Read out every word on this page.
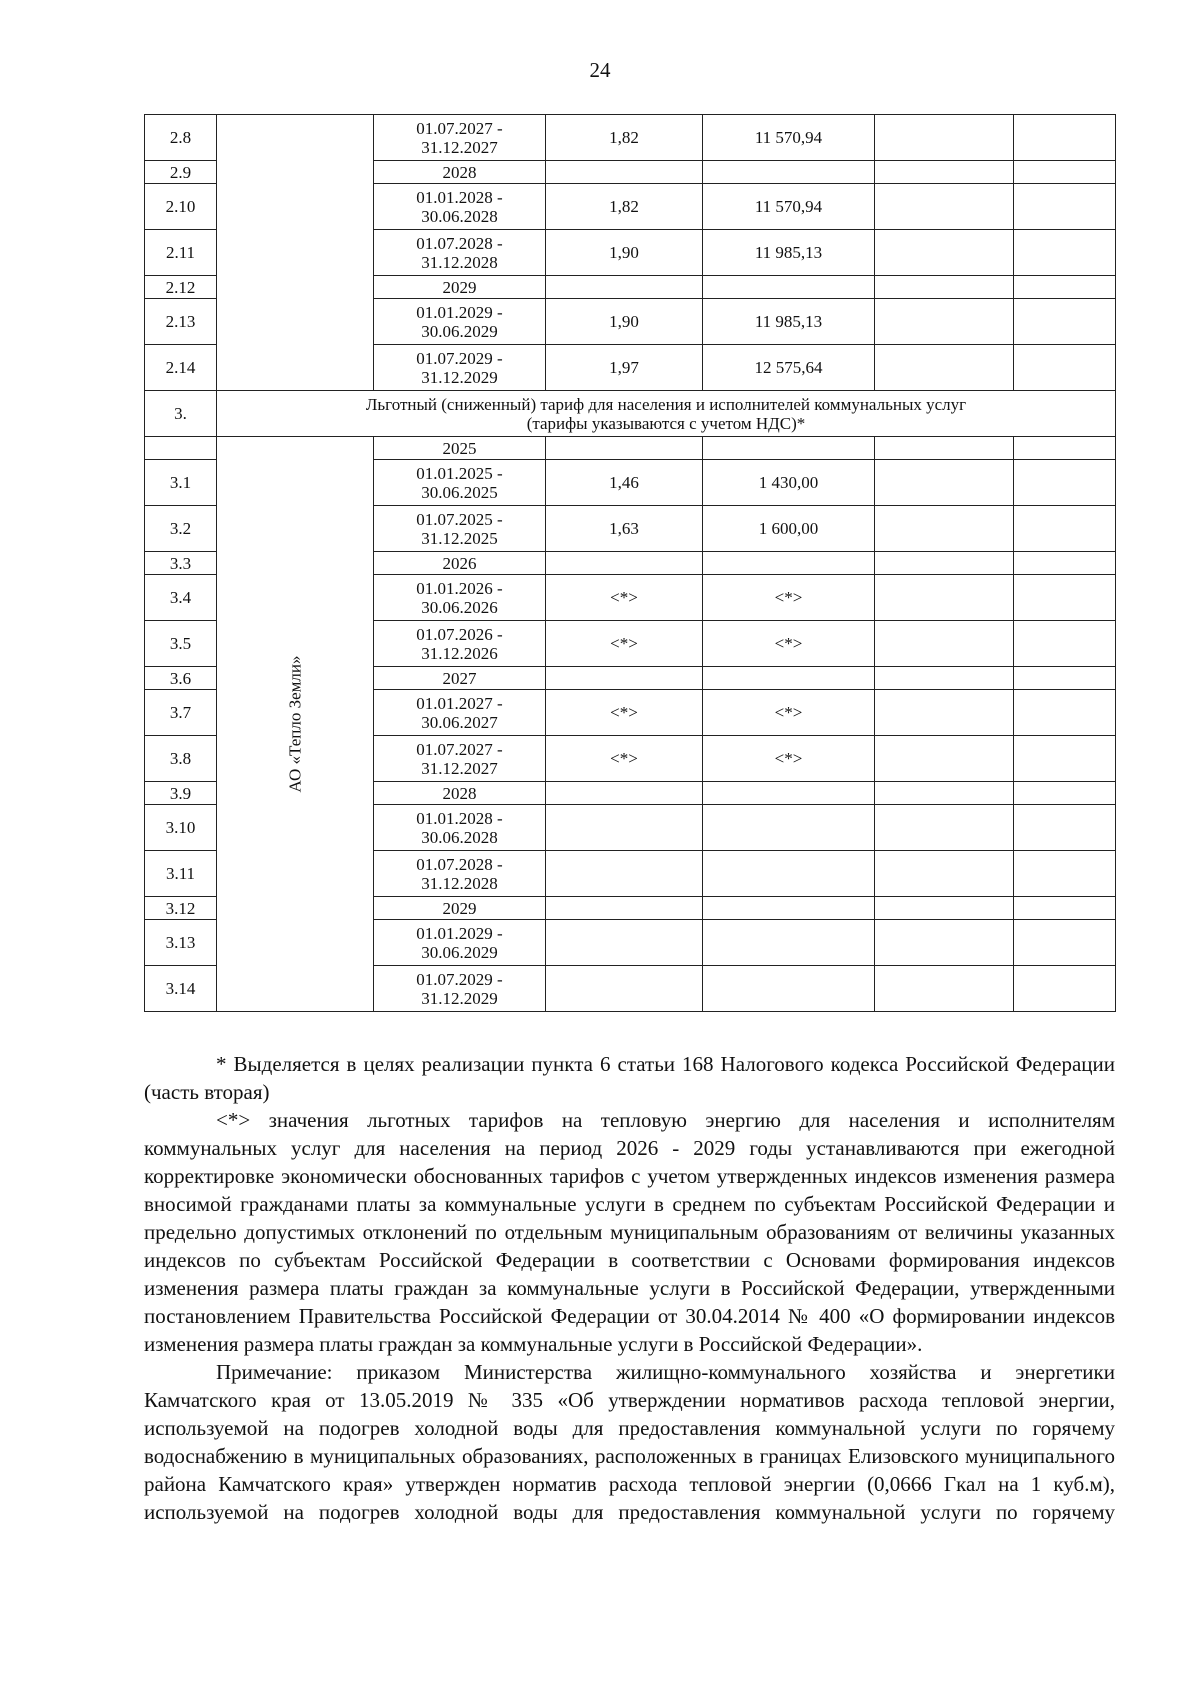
24
2.8		01.07.2027 -
31.12.2027	1,82	11 570,94		
2.9		2028				

2.10		01.01.2028 -
30.06.2028	1,82	11 570,94		
2.11		01.07.2028 -
31.12.2028	1,90	11 985,13		
2.12		2029				

2.13		01.01.2029 -
30.06.2029	1,90	11 985,13		
2.14		01.07.2029 -
31.12.2029	1,97	12 575,64		
3.	Льготный (сниженный) тариф для населения и исполнителей коммунальных услуг
(тарифы указываются с учетом НДС)*					

	АО «Тепло Земли»	2025				

3.1		01.01.2025 -
30.06.2025	1,46	1 430,00		
3.2		01.07.2025 -
31.12.2025	1,63	1 600,00		
3.3		2026				

3.4		01.01.2026 -
30.06.2026	<*>	<*>		
3.5		01.07.2026 -
31.12.2026	<*>	<*>		
3.6		2027				

3.7		01.01.2027 -
30.06.2027	<*>	<*>		
3.8		01.07.2027 -
31.12.2027	<*>	<*>		
3.9		2028				

3.10		01.01.2028 -
30.06.2028				

3.11		01.07.2028 -
31.12.2028				

3.12		2029				

3.13		01.01.2029 -
30.06.2029				

3.14		01.07.2029 -
31.12.2029				

* Выделяется в целях реализации пункта 6 статьи 168 Налогового кодекса Российской Федерации (часть вторая)

<*> значения льготных тарифов на тепловую энергию для населения и исполнителям коммунальных услуг для населения на период 2026 - 2029 годы устанавливаются при ежегодной корректировке экономически обоснованных тарифов с учетом утвержденных индексов изменения размера вносимой гражданами платы за коммунальные услуги в среднем по субъектам Российской Федерации и предельно допустимых отклонений по отдельным муниципальным образованиям от величины указанных индексов по субъектам Российской Федерации в соответствии с Основами формирования индексов изменения размера платы граждан за коммунальные услуги в Российской Федерации, утвержденными постановлением Правительства Российской Федерации от 30.04.2014 № 400 «О формировании индексов изменения размера платы граждан за коммунальные услуги в Российской Федерации».

Примечание: приказом Министерства жилищно-коммунального хозяйства и энергетики Камчатского края от 13.05.2019 № 335 «Об утверждении нормативов расхода тепловой энергии, используемой на подогрев холодной воды для предоставления коммунальной услуги по горячему водоснабжению в муниципальных образованиях, расположенных в границах Елизовского муниципального района Камчатского края» утвержден норматив расхода тепловой энергии (0,0666 Гкал на 1 куб.м), используемой на подогрев холодной воды для предоставления коммунальной услуги по горячему
